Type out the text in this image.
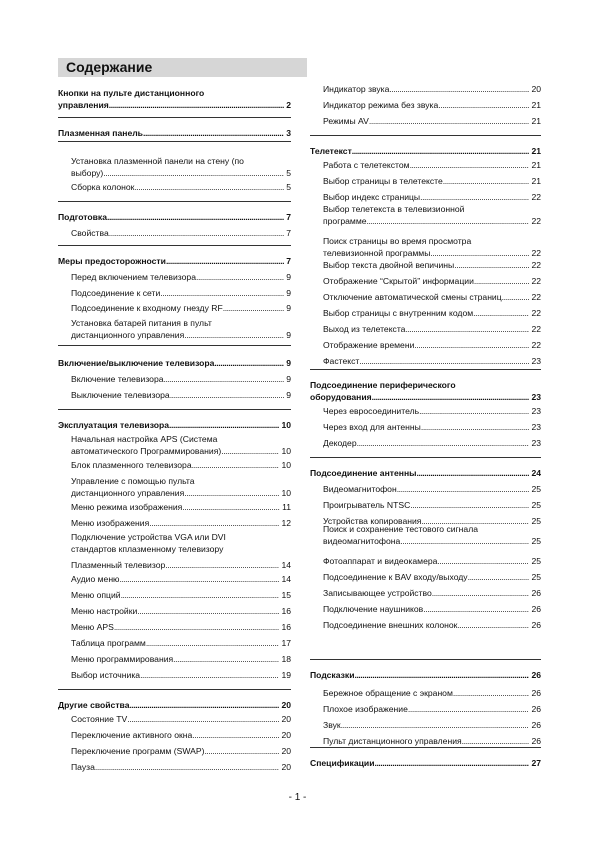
Содержание
Кнопки на пульте дистанционного
управления . . .	2
Плазменная панель . . .	3
Установка плазменной панели на стену (по
выбору) . . .	5
Сборка колонок . . .	5
Подготовка . . .	7
Свойства . . .	7
Меры предосторожности . . .	7
Перед включением телевизора . . .	9
Подсоединение к сети . . .	9
Подсоединение к входному гнезду RF . . .	9
Установка батарей питания в пульт
дистанционного управления . . .	9
Включение/выключение телевизора . . .	9
Включение телевизора . . .	9
Выключение телевизора . . .	9
Эксплуатация телевизора . . .	10
Начальная настройка APS (Система
автоматического Программирования) . . .	10
Блок плазменного телевизора . . .	10
Управление с помощью пульта
дистанционного управления . . .	10
Меню режима изображения . . .	11
Меню изображения . . .	12
Подключение устройства VGA или DVI
стандартов кплазменному телевизору
Плазменный телевизор . . .	14
Аудио меню . . .	14
Меню опций . . .	15
Меню настройки . . .	16
Меню APS . . .	16
Таблица программ . . .	17
Меню программирования . . .	18
Выбор источника . . .	19
Другие свойства . . .	20
Состояние TV . . .	20
Переключение активного окна . . .	20
Переключение программ (SWAP) . . .	20
Пауза . . .	20
Индикатор звука . . .	20
Индикатор режима без звука . . .	21
Режимы AV . . .	21
Телетекст . . .	21
Работа с телетекстом . . .	21
Выбор страницы в телетексте . . .	21
Выбор индекс страницы . . .	22
Выбор телетекста в телевизионной
программе . . .	22
Поиск страницы во время просмотра
телевизионной программы . . .	22
Выбор текста двойной вепичины . . .	22
Отображение “Скрытой” информации . . .	22
Отключение автоматической смены страниц . . .	22
Выбор страницы с внутренним кодом . . .	22
Выход из телетекста . . .	22
Отображение времени . . .	22
Фастекст . . .	23
Подсоединение периферического
оборудования . . .	23
Через евросоединитель . . .	23
Через вход для антенны . . .	23
Декодер . . .	23
Подсоединение антенны . . .	24
Видеомагнитофон . . .	25
Проигрыватель NTSC . . .	25
Устройства копирования . . .	25
Поиск и сохранение тестового сигнала
видеомагнитофона . . .	25
Фотоаппарат и видеокамера . . .	25
Подсоединение к BAV входу/выходу . . .	25
Записывающее устройство . . .	26
Подключение наушников . . .	26
Подсоединение внешних колонок . . .	26
Подсказки . . .	26
Бережное обращение с экраном . . .	26
Плохое изображение . . .	26
Звук . . .	26
Пульт дистанционного управления . . .	26
Спецификации . . .	27
- 1 -
